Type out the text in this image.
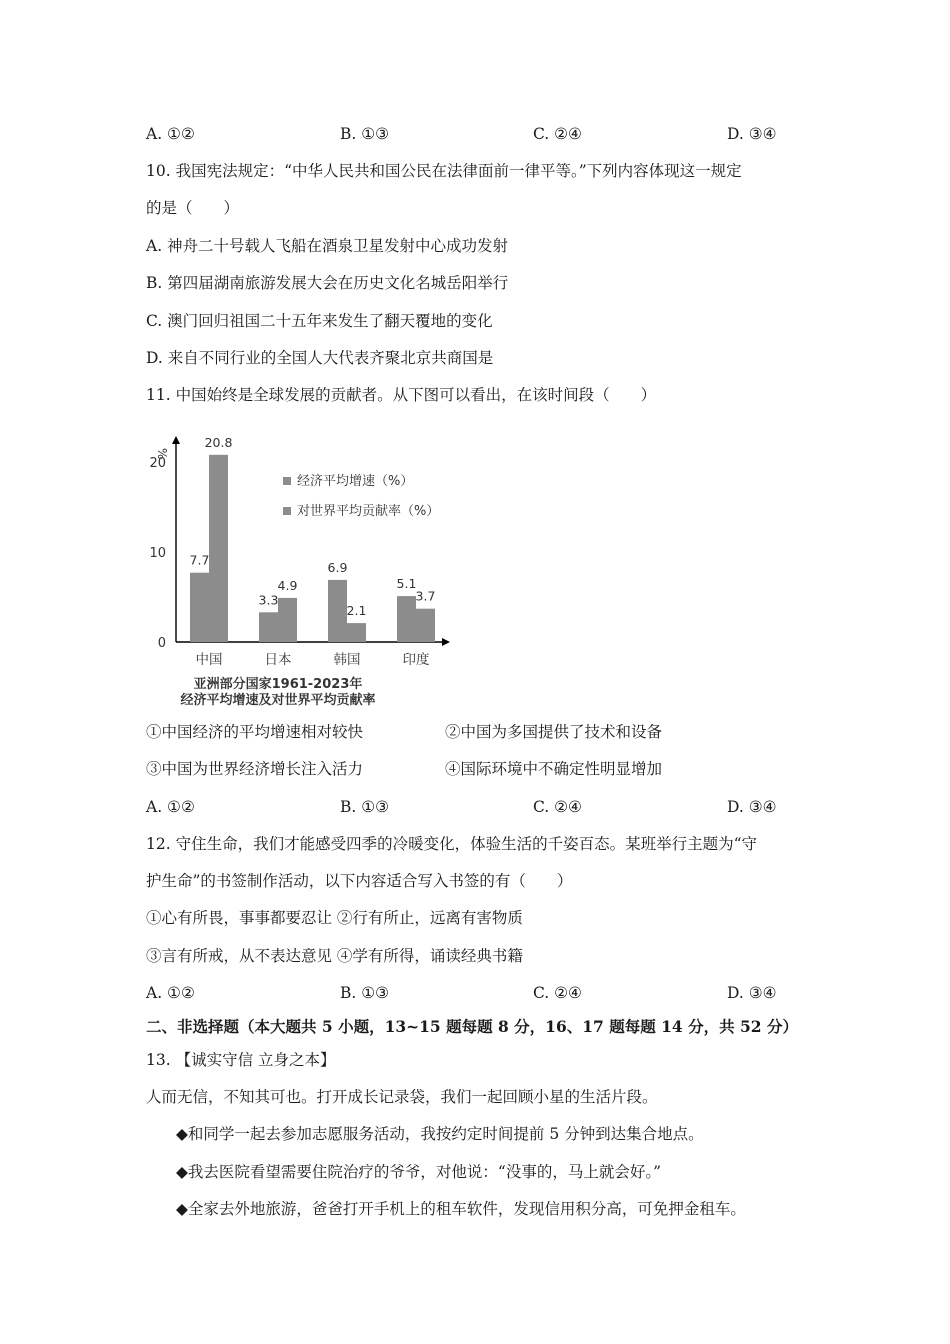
A. ①②	B. ①③	C. ②④	D. ③④
10. 我国宪法规定：“中华人民共和国公民在法律面前一律平等。”下列内容体现这一规定
的是（　　）
A. 神舟二十号载人飞船在酒泉卫星发射中心成功发射
B. 第四届湖南旅游发展大会在历史文化名城岳阳举行
C. 澳门回归祖国二十五年来发生了翻天覆地的变化
D. 来自不同行业的全国人大代表齐聚北京共商国是
11. 中国始终是全球发展的贡献者。从下图可以看出，在该时间段（　　）
%
0
10
20
7.7
20.8
中国
3.3
4.9
日本
6.9
2.1
韩国
5.1
3.7
印度
经济平均增速（%）
对世界平均贡献率（%）
亚洲部分国家1961-2023年
经济平均增速及对世界平均贡献率
①中国经济的平均增速相对较快	②中国为多国提供了技术和设备
③中国为世界经济增长注入活力	④国际环境中不确定性明显增加
A. ①②	B. ①③	C. ②④	D. ③④
12. 守住生命，我们才能感受四季的冷暖变化，体验生活的千姿百态。某班举行主题为“守
护生命”的书签制作活动，以下内容适合写入书签的有（　　）
①心有所畏，事事都要忍让 ②行有所止，远离有害物质
③言有所戒，从不表达意见 ④学有所得，诵读经典书籍
A. ①②	B. ①③	C. ②④	D. ③④
二、非选择题（本大题共 5 小题，13~15 题每题 8 分，16、17 题每题 14 分，共 52 分）
13. 【诚实守信 立身之本】
人而无信，不知其可也。打开成长记录袋，我们一起回顾小星的生活片段。
◆和同学一起去参加志愿服务活动，我按约定时间提前 5 分钟到达集合地点。
◆我去医院看望需要住院治疗的爷爷，对他说：“没事的，马上就会好。”
◆全家去外地旅游，爸爸打开手机上的租车软件，发现信用积分高，可免押金租车。
